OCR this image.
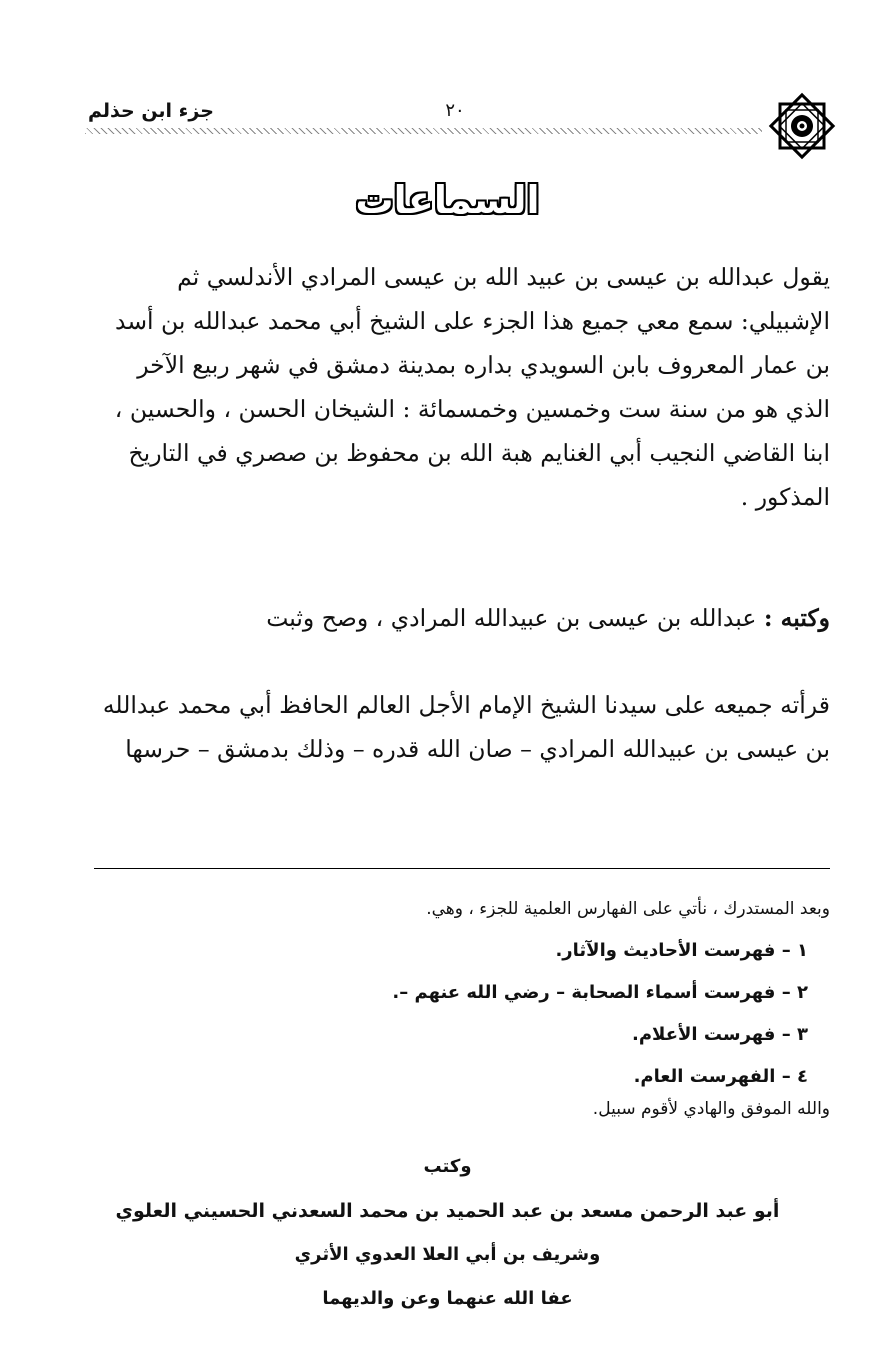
جزء ابن حذلم	٢٠
السماعات
يقول عبدالله بن عيسى بن عبيد الله بن عيسى المرادي الأندلسي ثم
الإشبيلي: سمع معي جميع هذا الجزء على الشيخ أبي محمد عبدالله بن أسد
بن عمار المعروف بابن السويدي بداره بمدينة دمشق في شهر ربيع الآخر
الذي هو من سنة ست وخمسين وخمسمائة : الشيخان الحسن ، والحسين ،
ابنا القاضي النجيب أبي الغنايم هبة الله بن محفوظ بن صصري في التاريخ
المذكور .
وكتبه : عبدالله بن عيسى بن عبيدالله المرادي ، وصح وثبت
قرأته جميعه على سيدنا الشيخ الإمام الأجل العالم الحافظ أبي محمد عبدالله
بن عيسى بن عبيدالله المرادي – صان الله قدره – وذلك بدمشق – حرسها
وبعد المستدرك ، نأتي على الفهارس العلمية للجزء ، وهي.
١ – فهرست الأحاديث والآثار.
٢ – فهرست أسماء الصحابة – رضي الله عنهم –.
٣ – فهرست الأعلام.
٤ – الفهرست العام.
والله الموفق والهادي لأقوم سبيل.
وكتب
أبو عبد الرحمن مسعد بن عبد الحميد بن محمد السعدني الحسيني العلوي
وشريف بن أبي العلا العدوي الأثري
عفا الله عنهما وعن والديهما
